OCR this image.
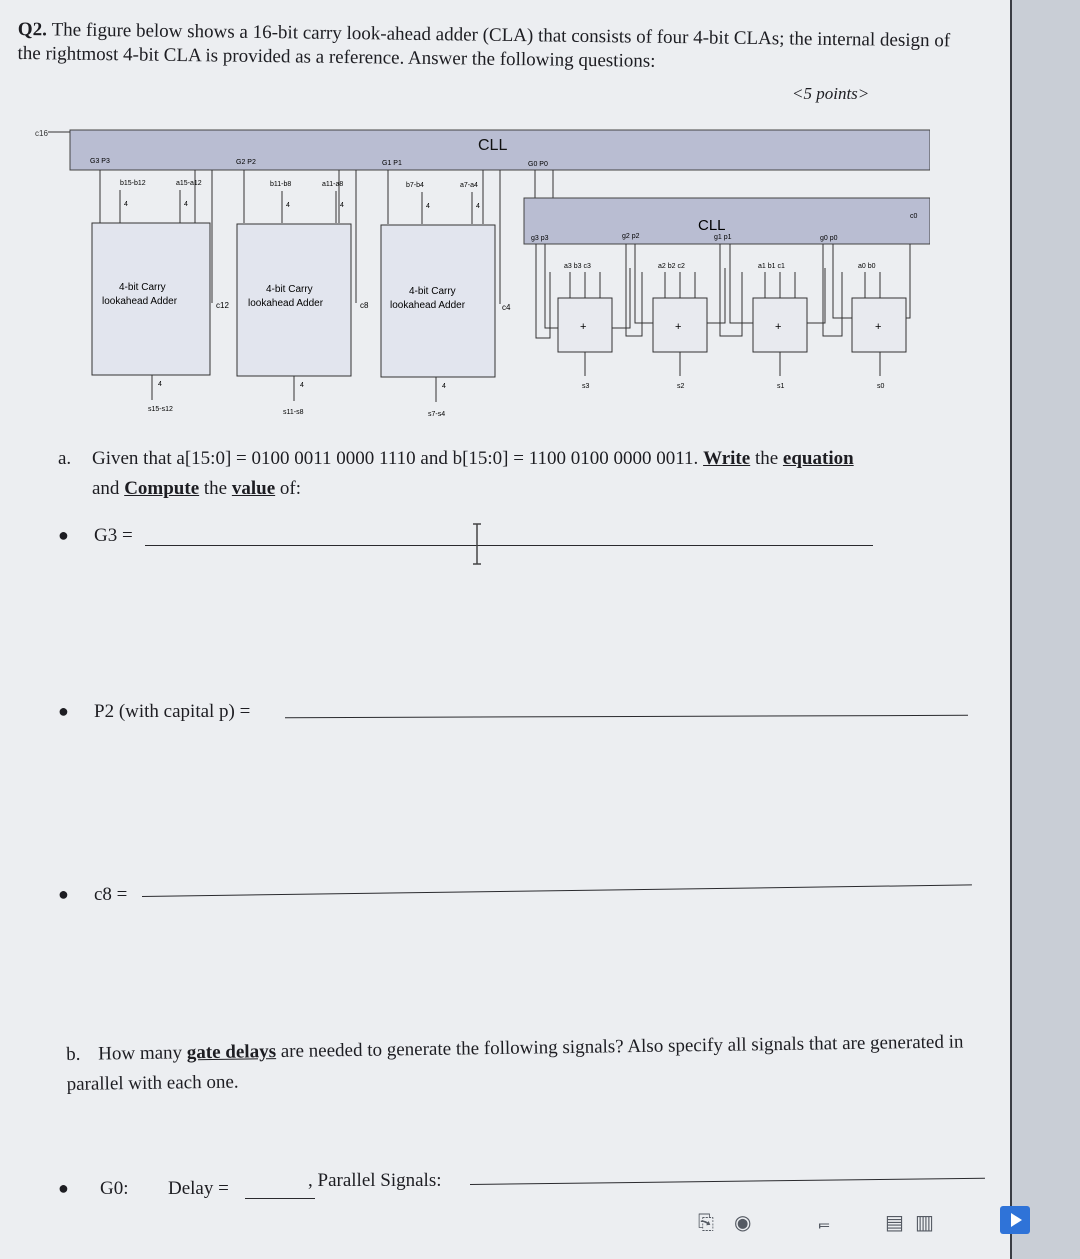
Q2. The figure below shows a 16-bit carry look-ahead adder (CLA) that consists of four 4-bit CLAs; the internal design of the rightmost 4-bit CLA is provided as a reference. Answer the following questions:
<5 points>
CLL
c16
G3 P3	G2 P2	G1 P1	G0 P0
b15-b12	a15-a12
4	4
4-bit Carry
lookahead Adder	c12
4
s15-s12
b11-b8	a11-a8
4	4
4-bit Carry
lookahead Adder	c8
4
s11-s8
b7-b4	a7-a4
4	4
4-bit Carry
lookahead Adder	c4
4
s7-s4
CLL
c0
g3 p3	g2 p2	g1 p1	g0 p0
a3 b3 c3
+
s3
a2 b2 c2
+
s2
a1 b1 c1
+
s1
a0 b0
+
s0
a. Given that a[15:0] = 0100 0011 0000 1110 and b[15:0] = 1100 0100 0000 0011. Write the equation
and Compute the value of:
● G3 =
● P2 (with capital p) =
● c8 =
b. How many gate delays are needed to generate the following signals? Also specify all signals that are generated in parallel with each one.
● G0: Delay =	, Parallel Signals:
⎘ ◉	⫭	▤ ▥
